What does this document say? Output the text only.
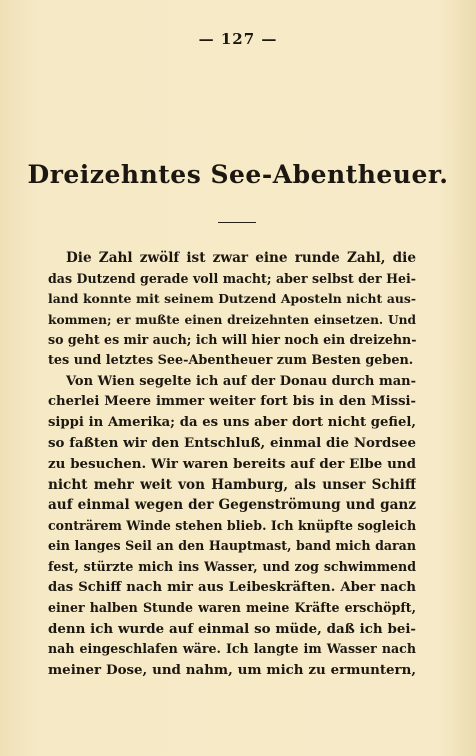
— 127 —
Dreizehntes See-Abentheuer.
Die Zahl zwölf ist zwar eine runde Zahl, die
das Dutzend gerade voll macht; aber selbst der Hei-
land konnte mit seinem Dutzend Aposteln nicht aus-
kommen; er mußte einen dreizehnten einsetzen. Und
so geht es mir auch; ich will hier noch ein dreizehn-
tes und letztes See-Abentheuer zum Besten geben.
Von Wien segelte ich auf der Donau durch man-
cherlei Meere immer weiter fort bis in den Missi-
sippi in Amerika; da es uns aber dort nicht gefiel,
so faßten wir den Entschluß, einmal die Nordsee
zu besuchen. Wir waren bereits auf der Elbe und
nicht mehr weit von Hamburg, als unser Schiff
auf einmal wegen der Gegenströmung und ganz
conträrem Winde stehen blieb. Ich knüpfte sogleich
ein langes Seil an den Hauptmast, band mich daran
fest, stürzte mich ins Wasser, und zog schwimmend
das Schiff nach mir aus Leibeskräften. Aber nach
einer halben Stunde waren meine Kräfte erschöpft,
denn ich wurde auf einmal so müde, daß ich bei-
nah eingeschlafen wäre. Ich langte im Wasser nach
meiner Dose, und nahm, um mich zu ermuntern,
